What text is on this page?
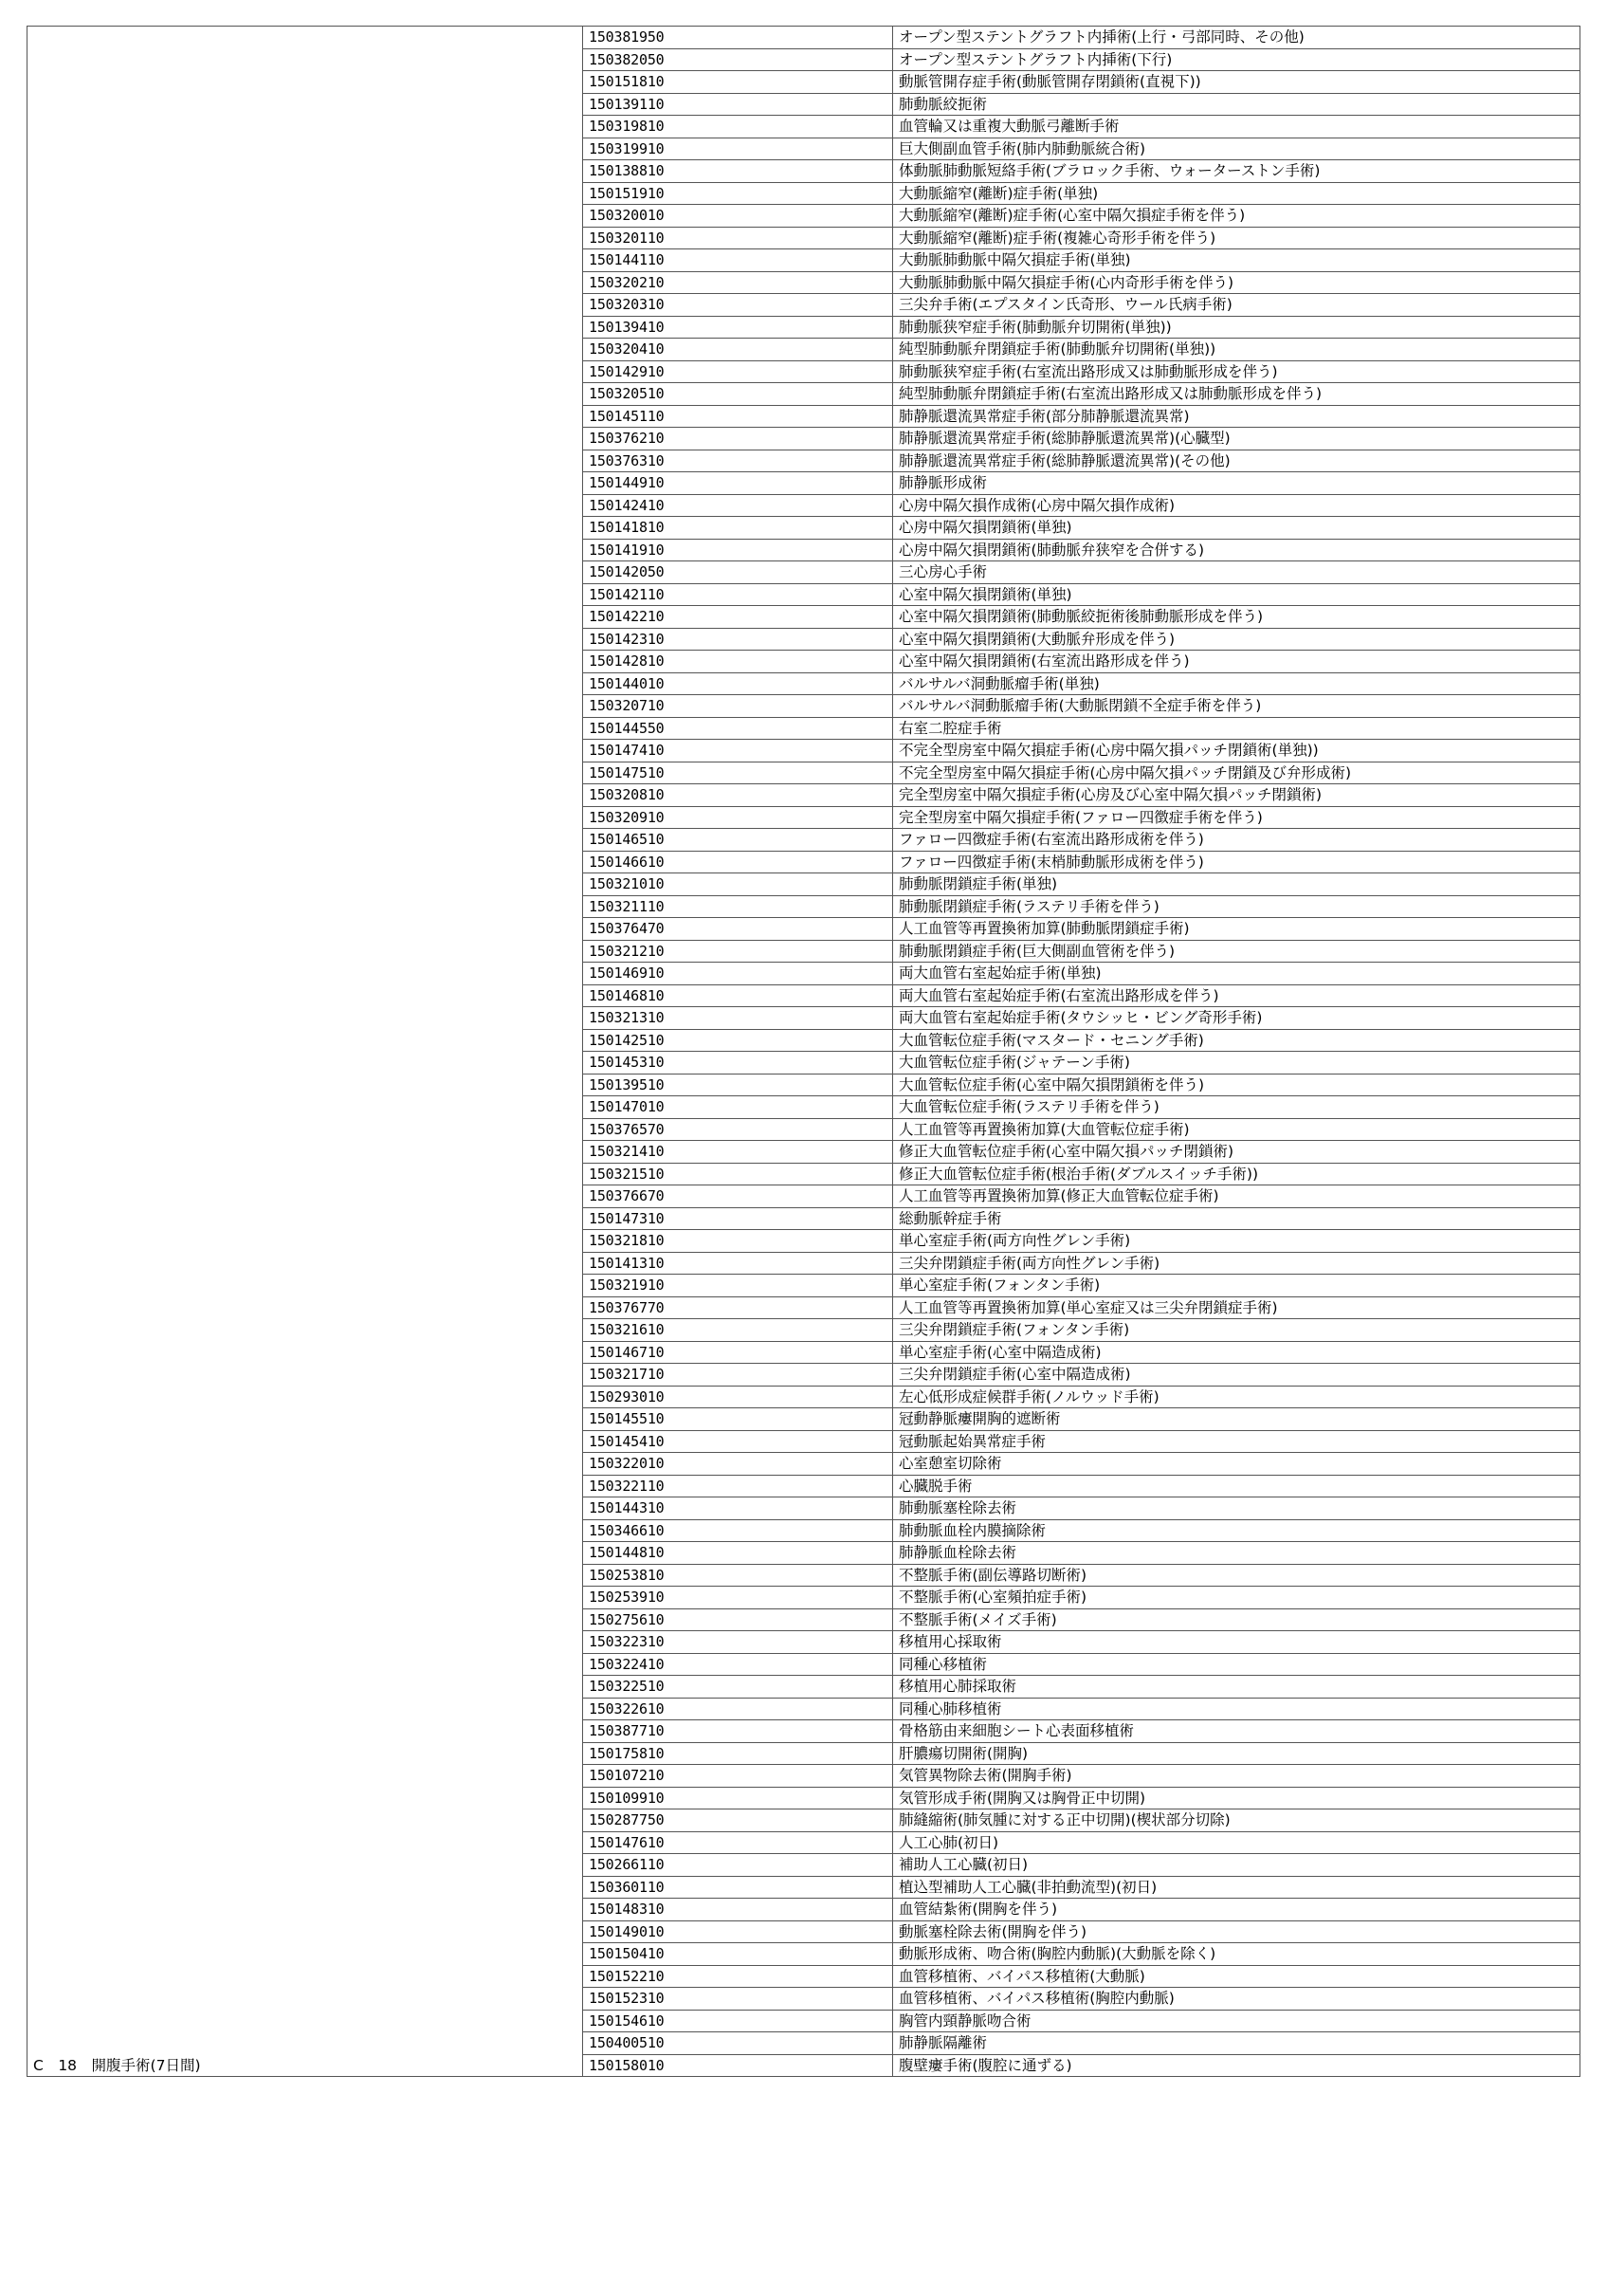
	150381950	オープン型ステントグラフト内挿術(上行・弓部同時、その他)
	150382050	オープン型ステントグラフト内挿術(下行)
	150151810	動脈管開存症手術(動脈管開存閉鎖術(直視下))
	150139110	肺動脈絞扼術
	150319810	血管輪又は重複大動脈弓離断手術
	150319910	巨大側副血管手術(肺内肺動脈統合術)
	150138810	体動脈肺動脈短絡手術(ブラロック手術、ウォーターストン手術)
	150151910	大動脈縮窄(離断)症手術(単独)
	150320010	大動脈縮窄(離断)症手術(心室中隔欠損症手術を伴う)
	150320110	大動脈縮窄(離断)症手術(複雑心奇形手術を伴う)
	150144110	大動脈肺動脈中隔欠損症手術(単独)
	150320210	大動脈肺動脈中隔欠損症手術(心内奇形手術を伴う)
	150320310	三尖弁手術(エプスタイン氏奇形、ウール氏病手術)
	150139410	肺動脈狭窄症手術(肺動脈弁切開術(単独))
	150320410	純型肺動脈弁閉鎖症手術(肺動脈弁切開術(単独))
	150142910	肺動脈狭窄症手術(右室流出路形成又は肺動脈形成を伴う)
	150320510	純型肺動脈弁閉鎖症手術(右室流出路形成又は肺動脈形成を伴う)
	150145110	肺静脈還流異常症手術(部分肺静脈還流異常)
	150376210	肺静脈還流異常症手術(総肺静脈還流異常)(心臓型)
	150376310	肺静脈還流異常症手術(総肺静脈還流異常)(その他)
	150144910	肺静脈形成術
	150142410	心房中隔欠損作成術(心房中隔欠損作成術)
	150141810	心房中隔欠損閉鎖術(単独)
	150141910	心房中隔欠損閉鎖術(肺動脈弁狭窄を合併する)
	150142050	三心房心手術
	150142110	心室中隔欠損閉鎖術(単独)
	150142210	心室中隔欠損閉鎖術(肺動脈絞扼術後肺動脈形成を伴う)
	150142310	心室中隔欠損閉鎖術(大動脈弁形成を伴う)
	150142810	心室中隔欠損閉鎖術(右室流出路形成を伴う)
	150144010	バルサルバ洞動脈瘤手術(単独)
	150320710	バルサルバ洞動脈瘤手術(大動脈閉鎖不全症手術を伴う)
	150144550	右室二腔症手術
	150147410	不完全型房室中隔欠損症手術(心房中隔欠損パッチ閉鎖術(単独))
	150147510	不完全型房室中隔欠損症手術(心房中隔欠損パッチ閉鎖及び弁形成術)
	150320810	完全型房室中隔欠損症手術(心房及び心室中隔欠損パッチ閉鎖術)
	150320910	完全型房室中隔欠損症手術(ファロー四徴症手術を伴う)
	150146510	ファロー四徴症手術(右室流出路形成術を伴う)
	150146610	ファロー四徴症手術(末梢肺動脈形成術を伴う)
	150321010	肺動脈閉鎖症手術(単独)
	150321110	肺動脈閉鎖症手術(ラステリ手術を伴う)
	150376470	人工血管等再置換術加算(肺動脈閉鎖症手術)
	150321210	肺動脈閉鎖症手術(巨大側副血管術を伴う)
	150146910	両大血管右室起始症手術(単独)
	150146810	両大血管右室起始症手術(右室流出路形成を伴う)
	150321310	両大血管右室起始症手術(タウシッヒ・ビング奇形手術)
	150142510	大血管転位症手術(マスタード・セニング手術)
	150145310	大血管転位症手術(ジャテーン手術)
	150139510	大血管転位症手術(心室中隔欠損閉鎖術を伴う)
	150147010	大血管転位症手術(ラステリ手術を伴う)
	150376570	人工血管等再置換術加算(大血管転位症手術)
	150321410	修正大血管転位症手術(心室中隔欠損パッチ閉鎖術)
	150321510	修正大血管転位症手術(根治手術(ダブルスイッチ手術))
	150376670	人工血管等再置換術加算(修正大血管転位症手術)
	150147310	総動脈幹症手術
	150321810	単心室症手術(両方向性グレン手術)
	150141310	三尖弁閉鎖症手術(両方向性グレン手術)
	150321910	単心室症手術(フォンタン手術)
	150376770	人工血管等再置換術加算(単心室症又は三尖弁閉鎖症手術)
	150321610	三尖弁閉鎖症手術(フォンタン手術)
	150146710	単心室症手術(心室中隔造成術)
	150321710	三尖弁閉鎖症手術(心室中隔造成術)
	150293010	左心低形成症候群手術(ノルウッド手術)
	150145510	冠動静脈瘻開胸的遮断術
	150145410	冠動脈起始異常症手術
	150322010	心室憩室切除術
	150322110	心臓脱手術
	150144310	肺動脈塞栓除去術
	150346610	肺動脈血栓内膜摘除術
	150144810	肺静脈血栓除去術
	150253810	不整脈手術(副伝導路切断術)
	150253910	不整脈手術(心室頻拍症手術)
	150275610	不整脈手術(メイズ手術)
	150322310	移植用心採取術
	150322410	同種心移植術
	150322510	移植用心肺採取術
	150322610	同種心肺移植術
	150387710	骨格筋由来細胞シート心表面移植術
	150175810	肝膿瘍切開術(開胸)
	150107210	気管異物除去術(開胸手術)
	150109910	気管形成手術(開胸又は胸骨正中切開)
	150287750	肺縫縮術(肺気腫に対する正中切開)(楔状部分切除)
	150147610	人工心肺(初日)
	150266110	補助人工心臓(初日)
	150360110	植込型補助人工心臓(非拍動流型)(初日)
	150148310	血管結紮術(開胸を伴う)
	150149010	動脈塞栓除去術(開胸を伴う)
	150150410	動脈形成術、吻合術(胸腔内動脈)(大動脈を除く)
	150152210	血管移植術、バイパス移植術(大動脈)
	150152310	血管移植術、バイパス移植術(胸腔内動脈)
	150154610	胸管内頸静脈吻合術
	150400510	肺静脈隔離術
C　18　開腹手術(7日間)	150158010	腹壁瘻手術(腹腔に通ずる)
